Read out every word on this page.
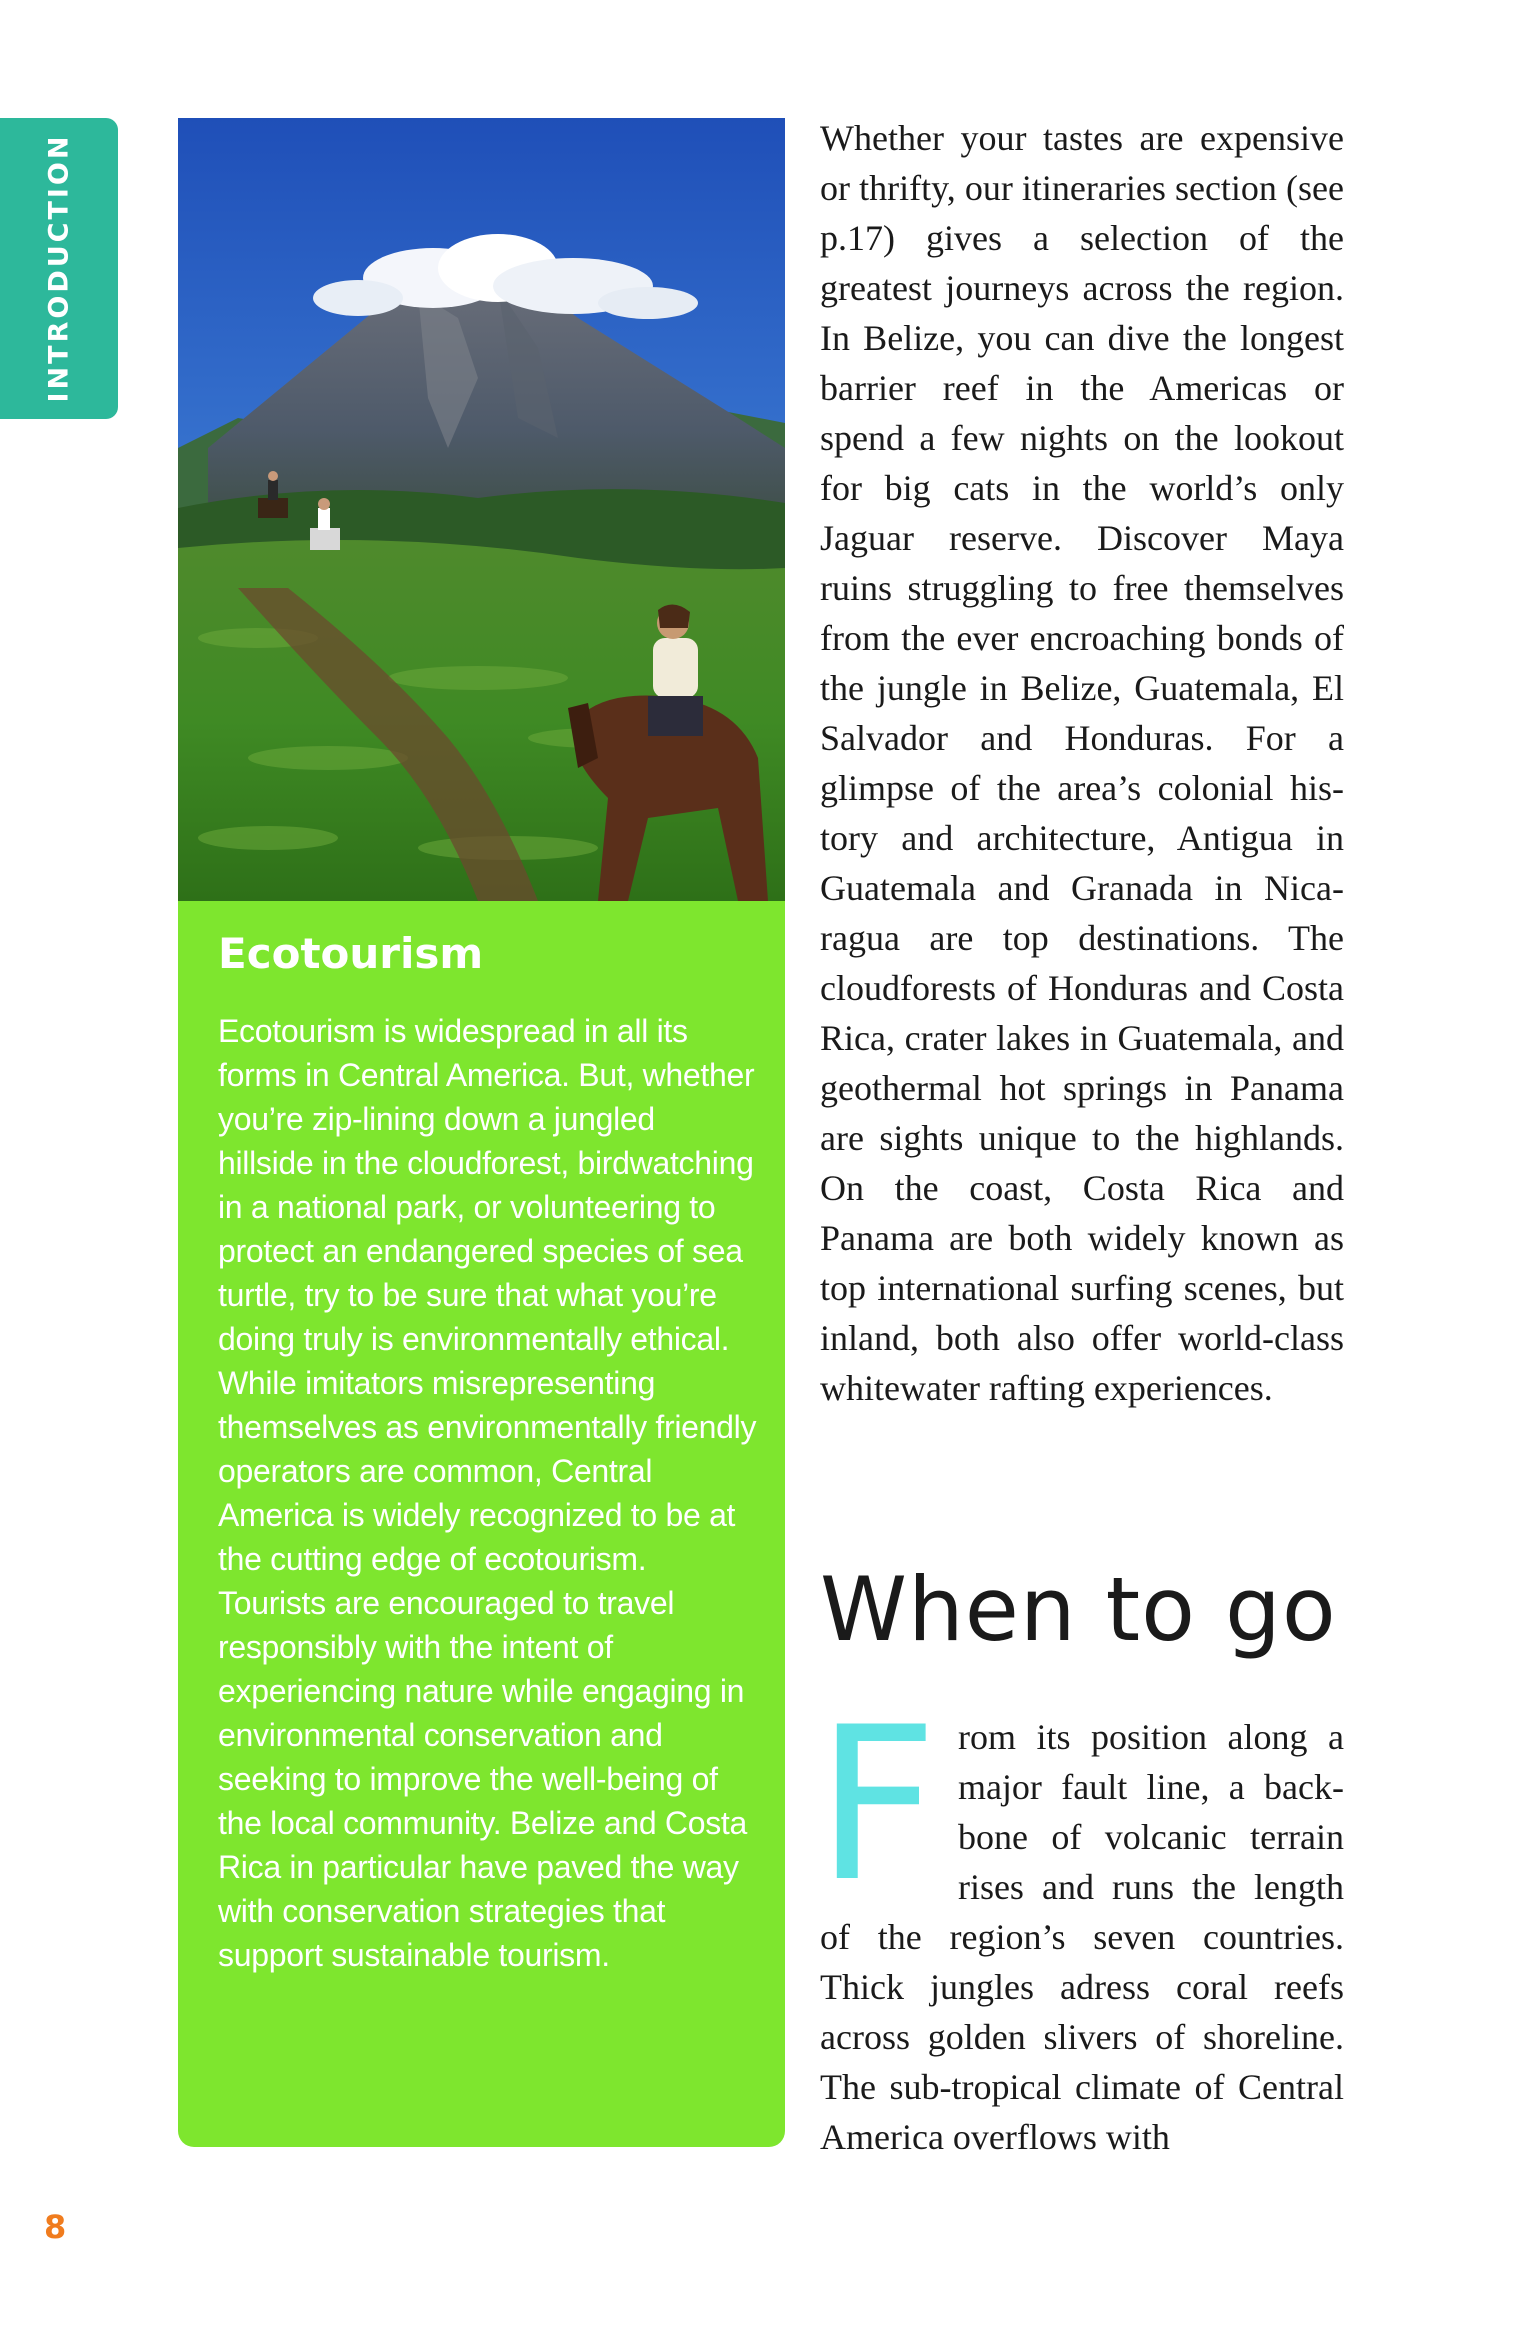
INTRODUCTION
Ecotourism

Ecotourism is widespread in all its forms in Central America. But, whether you’re zip-lining down a jungled hillside in the cloudforest, birdwatching in a national park, or volunteering to protect an endangered species of sea turtle, try to be sure that what you’re doing truly is environmentally ethical. While imitators misrepresenting themselves as environmentally friendly operators are common, Central America is widely recognized to be at the cutting edge of ecotourism. Tourists are encouraged to travel responsibly with the intent of experiencing nature while engaging in environmental conservation and seeking to improve the well-being of the local community. Belize and Costa Rica in particular have paved the way with conservation strategies that support sustainable tourism.

Whether your tastes are expensive or thrifty, our itineraries section (see p.17) gives a selection of the greatest journeys across the region. In Belize, you can dive the longest barrier reef in the Americas or spend a few nights on the lookout for big cats in the world’s only Jaguar reserve. Discover Maya ruins struggling to free themselves from the ever encroaching bonds of the jungle in Belize, Guatemala, El Salvador and Honduras. For a glimpse of the area’s colonial history and architecture, Antigua in Guatemala and Granada in Nicaragua are top destinations. The cloudforests of Honduras and Costa Rica, crater lakes in Guatemala, and geothermal hot springs in Panama are sights unique to the highlands. On the coast, Costa Rica and Panama are both widely known as top international surfing scenes, but inland, both also offer world-class whitewater rafting experiences.

When to go

From its position along a major fault line, a backbone of volcanic terrain rises and runs the length of the region’s seven countries. Thick jungles adress coral reefs across golden slivers of shoreline. The sub-tropical climate of Central America overflows with

8
